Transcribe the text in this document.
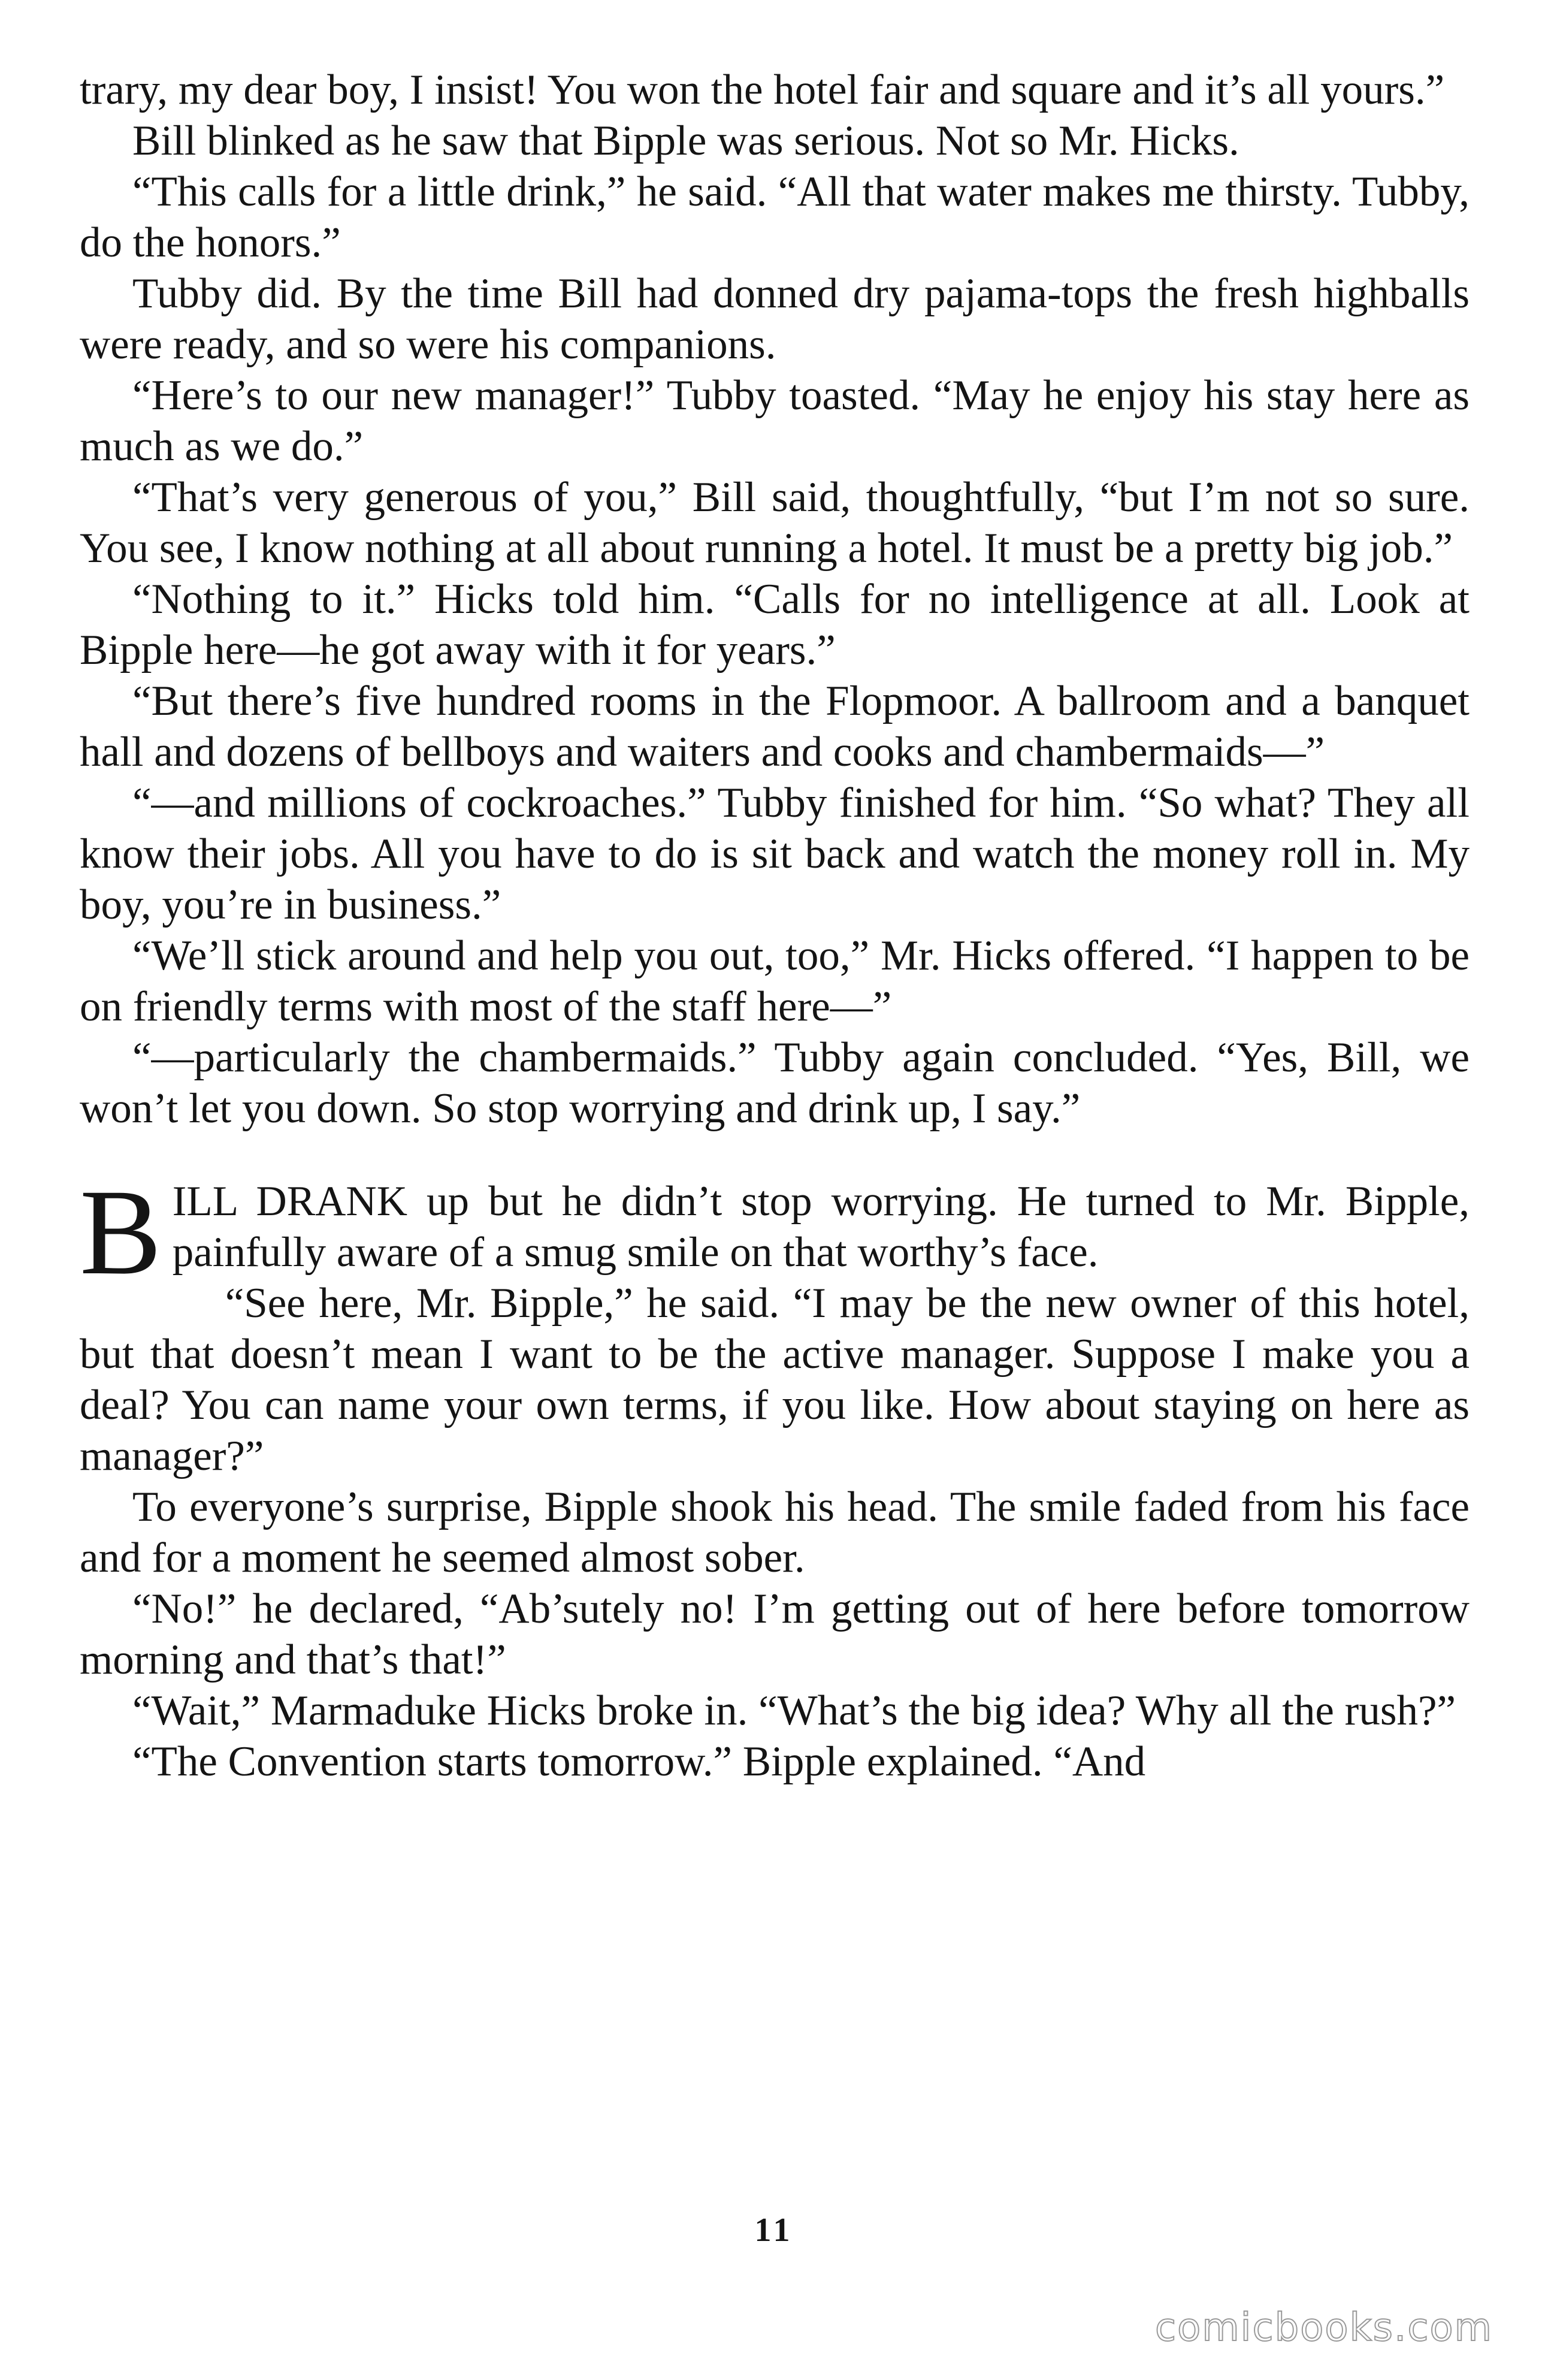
trary, my dear boy, I insist! You won the hotel fair and square and it’s all yours.”

Bill blinked as he saw that Bipple was serious. Not so Mr. Hicks.

“This calls for a little drink,” he said. “All that water makes me thirsty. Tubby, do the honors.”

Tubby did. By the time Bill had donned dry pajama-tops the fresh highballs were ready, and so were his companions.

“Here’s to our new manager!” Tubby toasted. “May he enjoy his stay here as much as we do.”

“That’s very generous of you,” Bill said, thoughtfully, “but I’m not so sure. You see, I know nothing at all about running a hotel. It must be a pretty big job.”

“Nothing to it.” Hicks told him. “Calls for no intelligence at all. Look at Bipple here—he got away with it for years.”

“But there’s five hundred rooms in the Flopmoor. A ballroom and a banquet hall and dozens of bellboys and waiters and cooks and chambermaids—”

“—and millions of cockroaches.” Tubby finished for him. “So what? They all know their jobs. All you have to do is sit back and watch the money roll in. My boy, you’re in business.”

“We’ll stick around and help you out, too,” Mr. Hicks offered. “I happen to be on friendly terms with most of the staff here—”

“—particularly the chambermaids.” Tubby again concluded. “Yes, Bill, we won’t let you down. So stop worrying and drink up, I say.”

BILL DRANK up but he didn’t stop worrying. He turned to Mr. Bipple, painfully aware of a smug smile on that worthy’s face.

“See here, Mr. Bipple,” he said. “I may be the new owner of this hotel, but that doesn’t mean I want to be the active manager. Suppose I make you a deal? You can name your own terms, if you like. How about staying on here as manager?”

To everyone’s surprise, Bipple shook his head. The smile faded from his face and for a moment he seemed almost sober.

“No!” he declared, “Ab’sutely no! I’m getting out of here before tomorrow morning and that’s that!”

“Wait,” Marmaduke Hicks broke in. “What’s the big idea? Why all the rush?”

“The Convention starts tomorrow.” Bipple explained. “And

11
comicbooks.com
